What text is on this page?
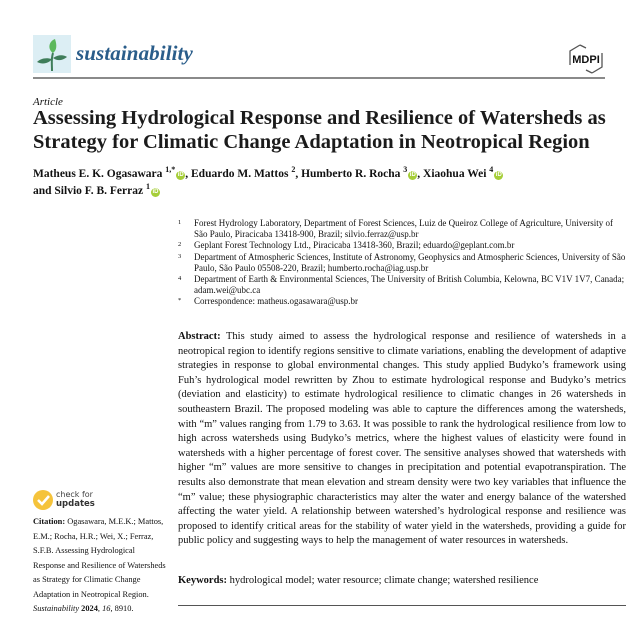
sustainability	MDPI
Article
Assessing Hydrological Response and Resilience of Watersheds as Strategy for Climatic Change Adaptation in Neotropical Region
Matheus E. K. Ogasawara $^{1,*}$iD , Eduardo M. Mattos $^2$, Humberto R. Rocha $^3$iD , Xiaohua Wei $^4$iD
and Silvio F. B. Ferraz $^1$iD
1 Forest Hydrology Laboratory, Department of Forest Sciences, Luiz de Queiroz College of Agriculture, University of São Paulo, Piracicaba 13418-900, Brazil; silvio.ferraz@usp.br
2 Geplant Forest Technology Ltd., Piracicaba 13418-360, Brazil; eduardo@geplant.com.br
3 Department of Atmospheric Sciences, Institute of Astronomy, Geophysics and Atmospheric Sciences, University of São Paulo, São Paulo 05508-220, Brazil; humberto.rocha@iag.usp.br
4 Department of Earth & Environmental Sciences, The University of British Columbia, Kelowna, BC V1V 1V7, Canada; adam.wei@ubc.ca
* Correspondence: matheus.ogasawara@usp.br
Abstract: This study aimed to assess the hydrological response and resilience of watersheds in a neotropical region to identify regions sensitive to climate variations, enabling the development of adaptive strategies in response to global environmental changes. This study applied Budyko’s framework using Fuh’s hydrological model rewritten by Zhou to estimate hydrological response and Budyko’s metrics (deviation and elasticity) to estimate hydrological resilience to climatic changes in 26 watersheds in southeastern Brazil. The proposed modeling was able to capture the differences among the watersheds, with “m” values ranging from 1.79 to 3.63. It was possible to rank the hydrological resilience from low to high across watersheds using Budyko’s metrics, where the highest values of elasticity were found in watersheds with a higher percentage of forest cover. The sensitive analyses showed that watersheds with higher “m” values are more sensitive to changes in precipitation and potential evapotranspiration. The results also demonstrate that mean elevation and stream density were two key variables that influence the “m” value; these physiographic characteristics may alter the water and energy balance of the watershed affecting the water yield. A relationship between watershed’s hydrological response and resilience was proposed to identify critical areas for the stability of water yield in the watersheds, providing a guide for public policy and suggesting ways to help the management of water resources in watersheds.
Keywords: hydrological model; water resource; climate change; watershed resilience
check for
updates
Citation: Ogasawara, M.E.K.; Mattos, E.M.; Rocha, H.R.; Wei, X.; Ferraz, S.F.B. Assessing Hydrological Response and Resilience of Watersheds as Strategy for Climatic Change Adaptation in Neotropical Region. Sustainability 2024, 16, 8910.
